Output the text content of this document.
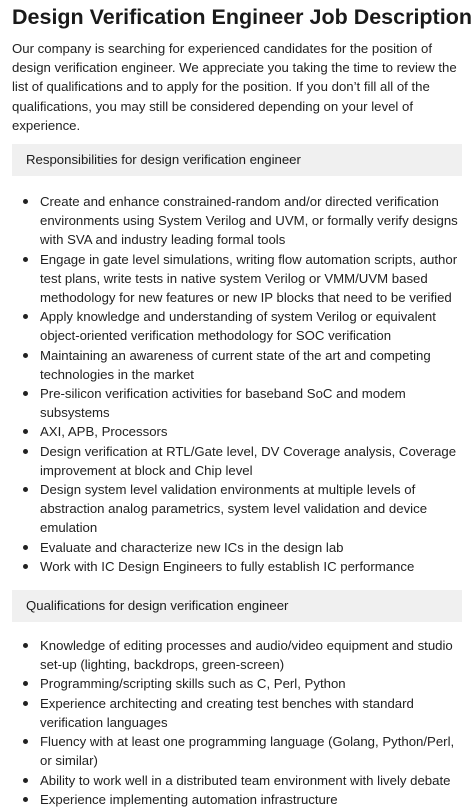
Design Verification Engineer Job Description

Our company is searching for experienced candidates for the position of design verification engineer. We appreciate you taking the time to review the list of qualifications and to apply for the position. If you don’t fill all of the qualifications, you may still be considered depending on your level of experience.

Responsibilities for design verification engineer
Create and enhance constrained-random and/or directed verification environments using System Verilog and UVM, or formally verify designs with SVA and industry leading formal tools
Engage in gate level simulations, writing flow automation scripts, author test plans, write tests in native system Verilog or VMM/UVM based methodology for new features or new IP blocks that need to be verified
Apply knowledge and understanding of system Verilog or equivalent object-oriented verification methodology for SOC verification
Maintaining an awareness of current state of the art and competing technologies in the market
Pre-silicon verification activities for baseband SoC and modem subsystems
AXI, APB, Processors
Design verification at RTL/Gate level, DV Coverage analysis, Coverage improvement at block and Chip level
Design system level validation environments at multiple levels of abstraction analog parametrics, system level validation and device emulation
Evaluate and characterize new ICs in the design lab
Work with IC Design Engineers to fully establish IC performance
Qualifications for design verification engineer
Knowledge of editing processes and audio/video equipment and studio set-up (lighting, backdrops, green-screen)
Programming/scripting skills such as C, Perl, Python
Experience architecting and creating test benches with standard verification languages
Fluency with at least one programming language (Golang, Python/Perl, or similar)
Ability to work well in a distributed team environment with lively debate
Experience implementing automation infrastructure
